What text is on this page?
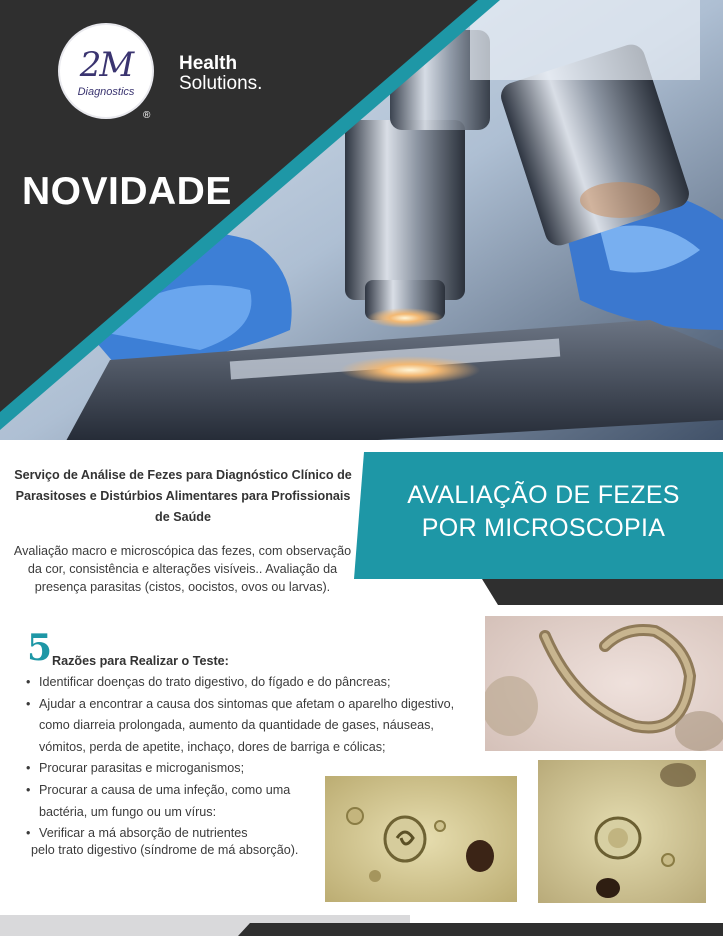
2M
Diagnostics
®
Health
Solutions.
NOVIDADE
Serviço de Análise de Fezes para Diagnóstico Clínico de Parasitoses e Distúrbios Alimentares para Profissionais de Saúde
Avaliação macro e microscópica das fezes, com observação da cor, consistência e alterações visíveis.. Avaliação da presença parasitas (cistos, oocistos, ovos ou larvas).
AVALIAÇÃO DE FEZES
POR MICROSCOPIA
5 Razões para Realizar o Teste:
• Identificar doenças do trato digestivo, do fígado e do pâncreas;
• Ajudar a encontrar a causa dos sintomas que afetam o aparelho digestivo,
como diarreia prolongada, aumento da quantidade de gases, náuseas,
vómitos, perda de apetite, inchaço, dores de barriga e cólicas;
• Procurar parasitas e microganismos;
• Procurar a causa de uma infeção, como uma
bactéria, um fungo ou um vírus:
• Verificar a má absorção de nutrientes
pelo trato digestivo (síndrome de má absorção).
